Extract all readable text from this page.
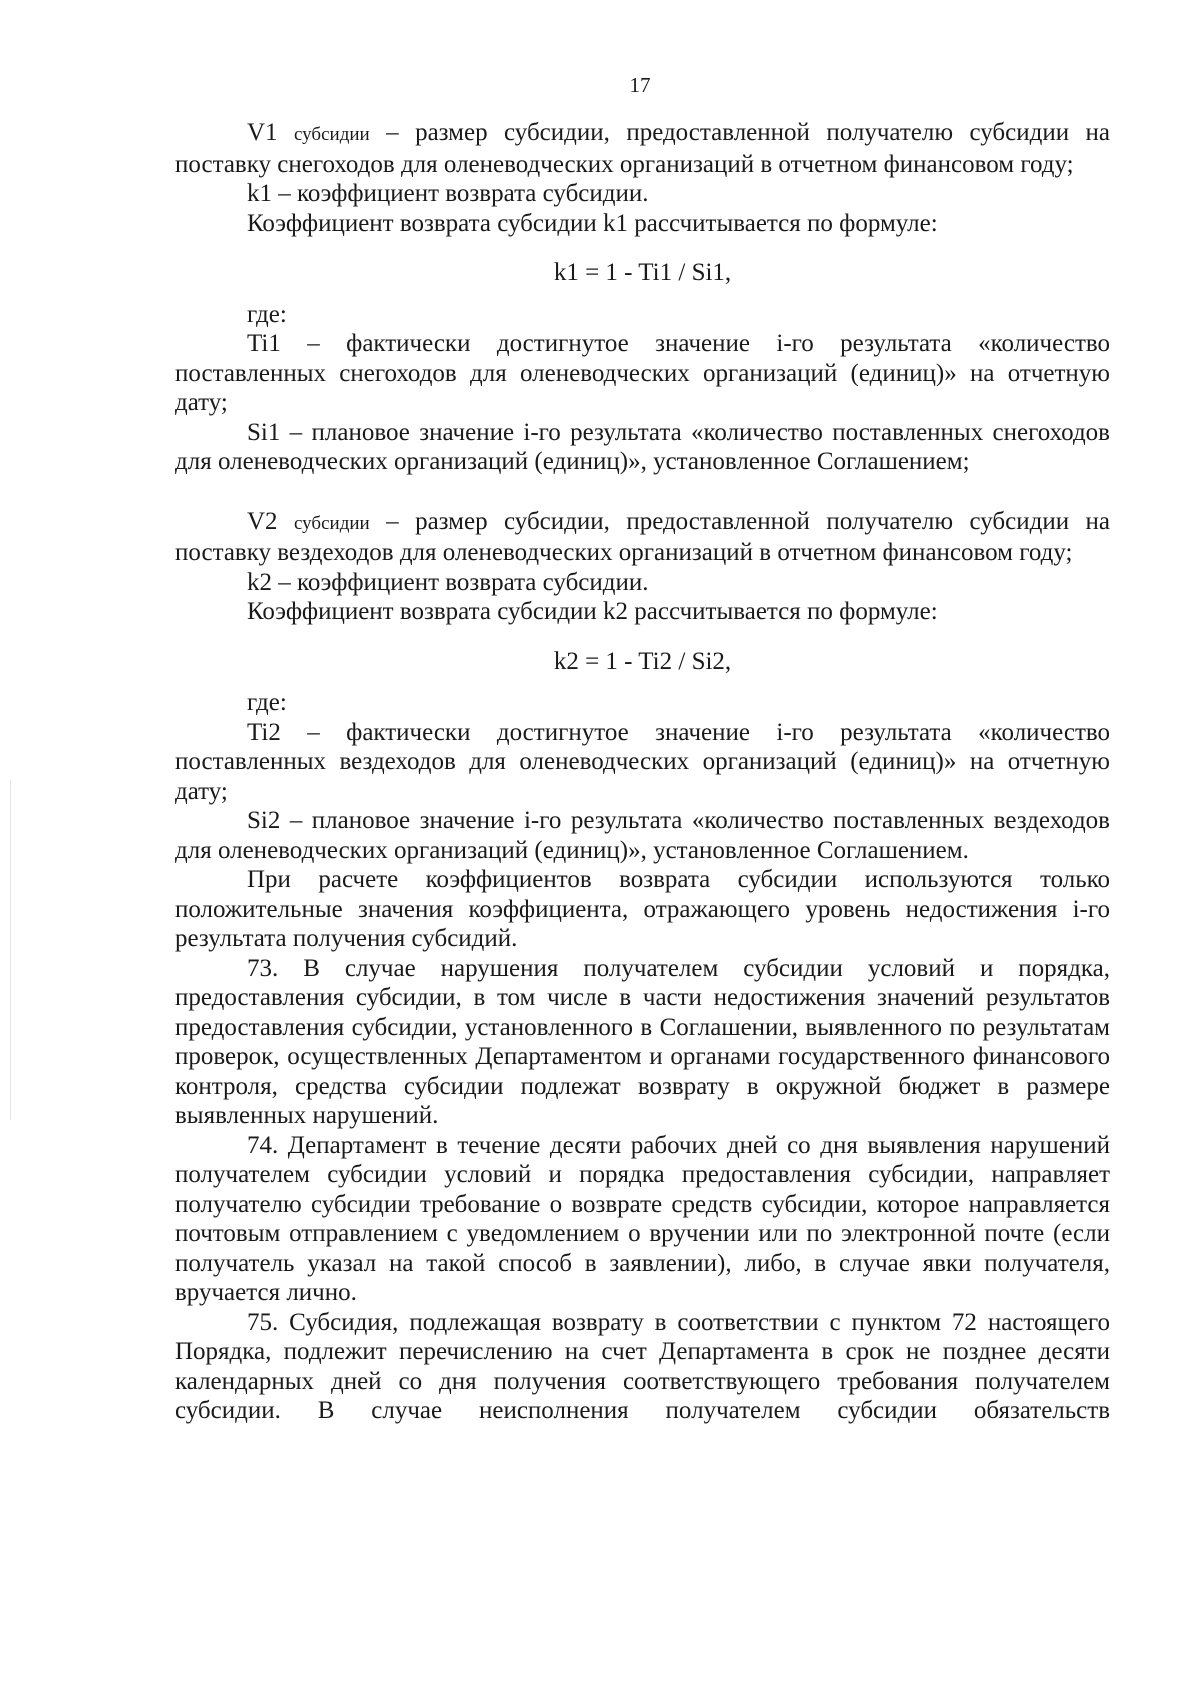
17

V1 субсидии – размер субсидии, предоставленной получателю субсидии на поставку снегоходов для оленеводческих организаций в отчетном финансовом году;

k1 – коэффициент возврата субсидии.

Коэффициент возврата субсидии k1 рассчитывается по формуле:

k1 = 1 - Ti1 / Si1,

где:

Ti1 – фактически достигнутое значение i-го результата «количество поставленных снегоходов для оленеводческих организаций (единиц)» на отчетную дату;

Si1 – плановое значение i-го результата «количество поставленных снегоходов для оленеводческих организаций (единиц)», установленное Соглашением;

V2 субсидии – размер субсидии, предоставленной получателю субсидии на поставку вездеходов для оленеводческих организаций в отчетном финансовом году;

k2 – коэффициент возврата субсидии.

Коэффициент возврата субсидии k2 рассчитывается по формуле:

k2 = 1 - Ti2 / Si2,

где:

Ti2 – фактически достигнутое значение i-го результата «количество поставленных вездеходов для оленеводческих организаций (единиц)» на отчетную дату;

Si2 – плановое значение i-го результата «количество поставленных вездеходов для оленеводческих организаций (единиц)», установленное Соглашением.

При расчете коэффициентов возврата субсидии используются только положительные значения коэффициента, отражающего уровень недостижения i-го результата получения субсидий.

73. В случае нарушения получателем субсидии условий и порядка, предоставления субсидии, в том числе в части недостижения значений результатов предоставления субсидии, установленного в Соглашении, выявленного по результатам проверок, осуществленных Департаментом и органами государственного финансового контроля, средства субсидии подлежат возврату в окружной бюджет в размере выявленных нарушений.

74. Департамент в течение десяти рабочих дней со дня выявления нарушений получателем субсидии условий и порядка предоставления субсидии, направляет получателю субсидии требование о возврате средств субсидии, которое направляется почтовым отправлением с уведомлением о вручении или по электронной почте (если получатель указал на такой способ в заявлении), либо, в случае явки получателя, вручается лично.

75. Субсидия, подлежащая возврату в соответствии с пунктом 72 настоящего Порядка, подлежит перечислению на счет Департамента в срок не позднее десяти календарных дней со дня получения соответствующего требования получателем субсидии. В случае неисполнения получателем субсидии обязательств
